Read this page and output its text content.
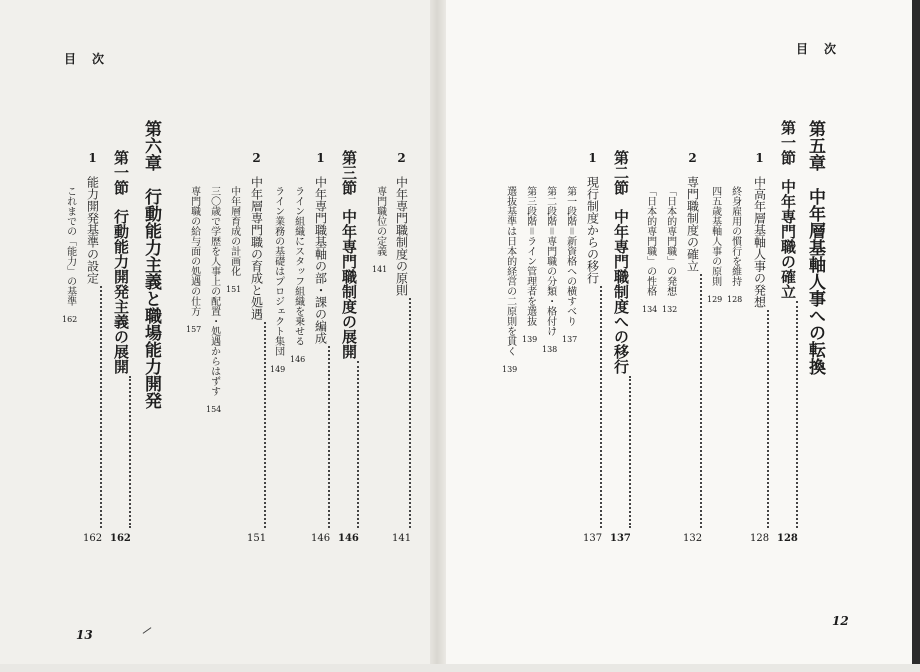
目次
目次
13
12
第五章　中年層基軸人事への転換
第一節
中年専門職の確立
128
1
中高年層基軸人事の発想
128
終身雇用の慣行を維持
128
四五歳基軸人事の原則
129
2
専門職制度の確立
132
「日本的専門職」の発想
132
「日本的専門職」の性格
134
第二節
中年専門職制度への移行
137
1
現行制度からの移行
137
第一段階＝新資格への横すべり
137
第二段階＝専門職の分類・格付け
138
第三段階＝ライン管理者を選抜
139
選抜基準は日本的経営の二原則を貫く
139
2
中年専門職制度の原則
141
専門職位の定義
141
第三節
中年専門職制度の展開
146
1
中年専門職基軸の部・課の編成
146
ライン組織にスタッフ組織を乗せる
146
ライン業務の基礎はプロジェクト集団
149
2
中年層専門職の育成と処遇
151
中年層育成の計画化
151
三〇歳で学歴を人事上の配置・処遇からはずす
154
専門職の給与面の処遇の仕方
157
第六章　行動能力主義と職場能力開発
第一節
行動能力開発主義の展開
162
1
能力開発基準の設定
162
これまでの「能力」の基準
162
